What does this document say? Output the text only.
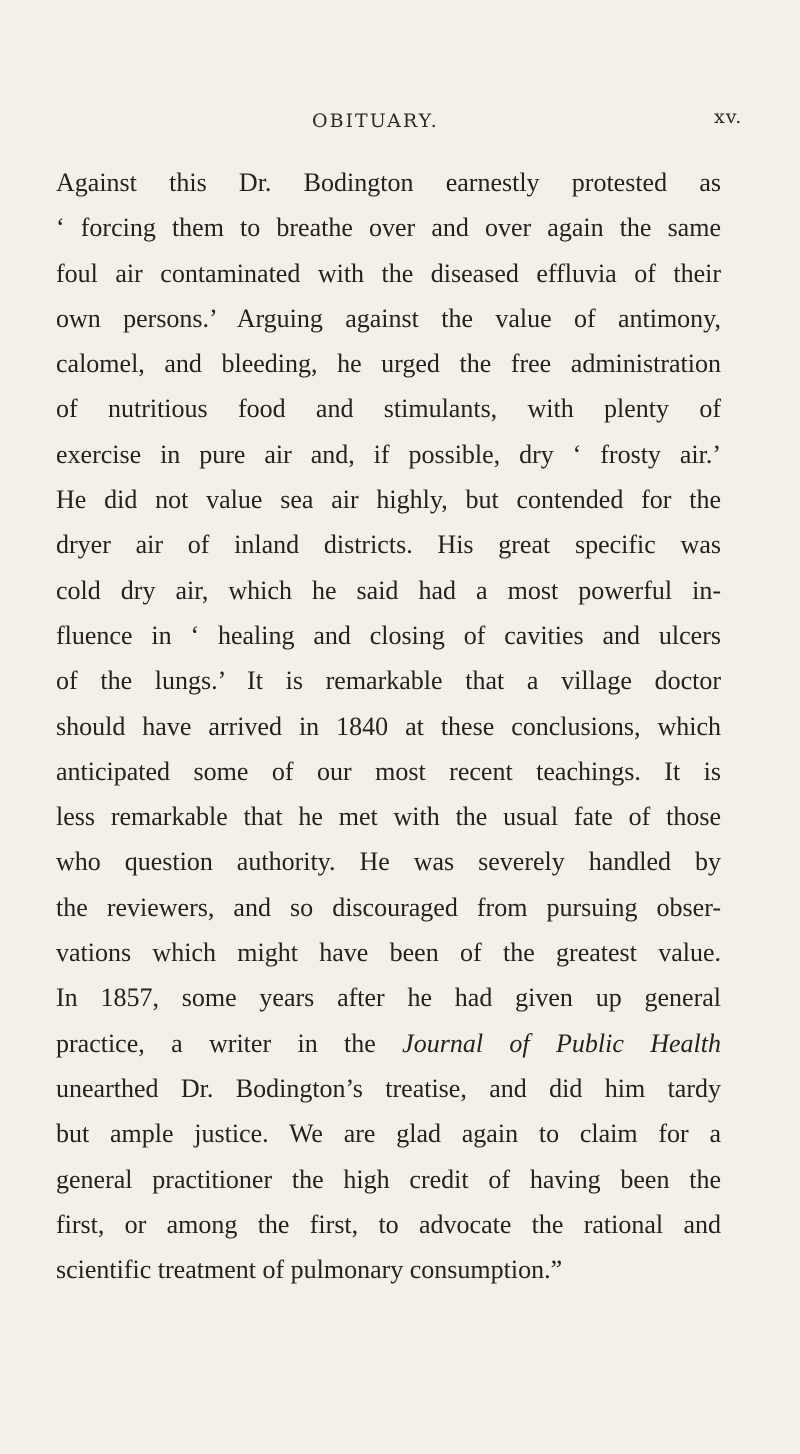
OBITUARY.	xv.
Against this Dr. Bodington earnestly protested as
‘ forcing them to breathe over and over again the same
foul air contaminated with the diseased effluvia of their
own persons.’ Arguing against the value of antimony,
calomel, and bleeding, he urged the free administration
of nutritious food and stimulants, with plenty of
exercise in pure air and, if possible, dry ‘ frosty air.’
He did not value sea air highly, but contended for the
dryer air of inland districts. His great specific was
cold dry air, which he said had a most powerful in-
fluence in ‘ healing and closing of cavities and ulcers
of the lungs.’ It is remarkable that a village doctor
should have arrived in 1840 at these conclusions, which
anticipated some of our most recent teachings. It is
less remarkable that he met with the usual fate of those
who question authority. He was severely handled by
the reviewers, and so discouraged from pursuing obser-
vations which might have been of the greatest value.
In 1857, some years after he had given up general
practice, a writer in the Journal of Public Health
unearthed Dr. Bodington’s treatise, and did him tardy
but ample justice. We are glad again to claim for a
general practitioner the high credit of having been the
first, or among the first, to advocate the rational and
scientific treatment of pulmonary consumption.”
